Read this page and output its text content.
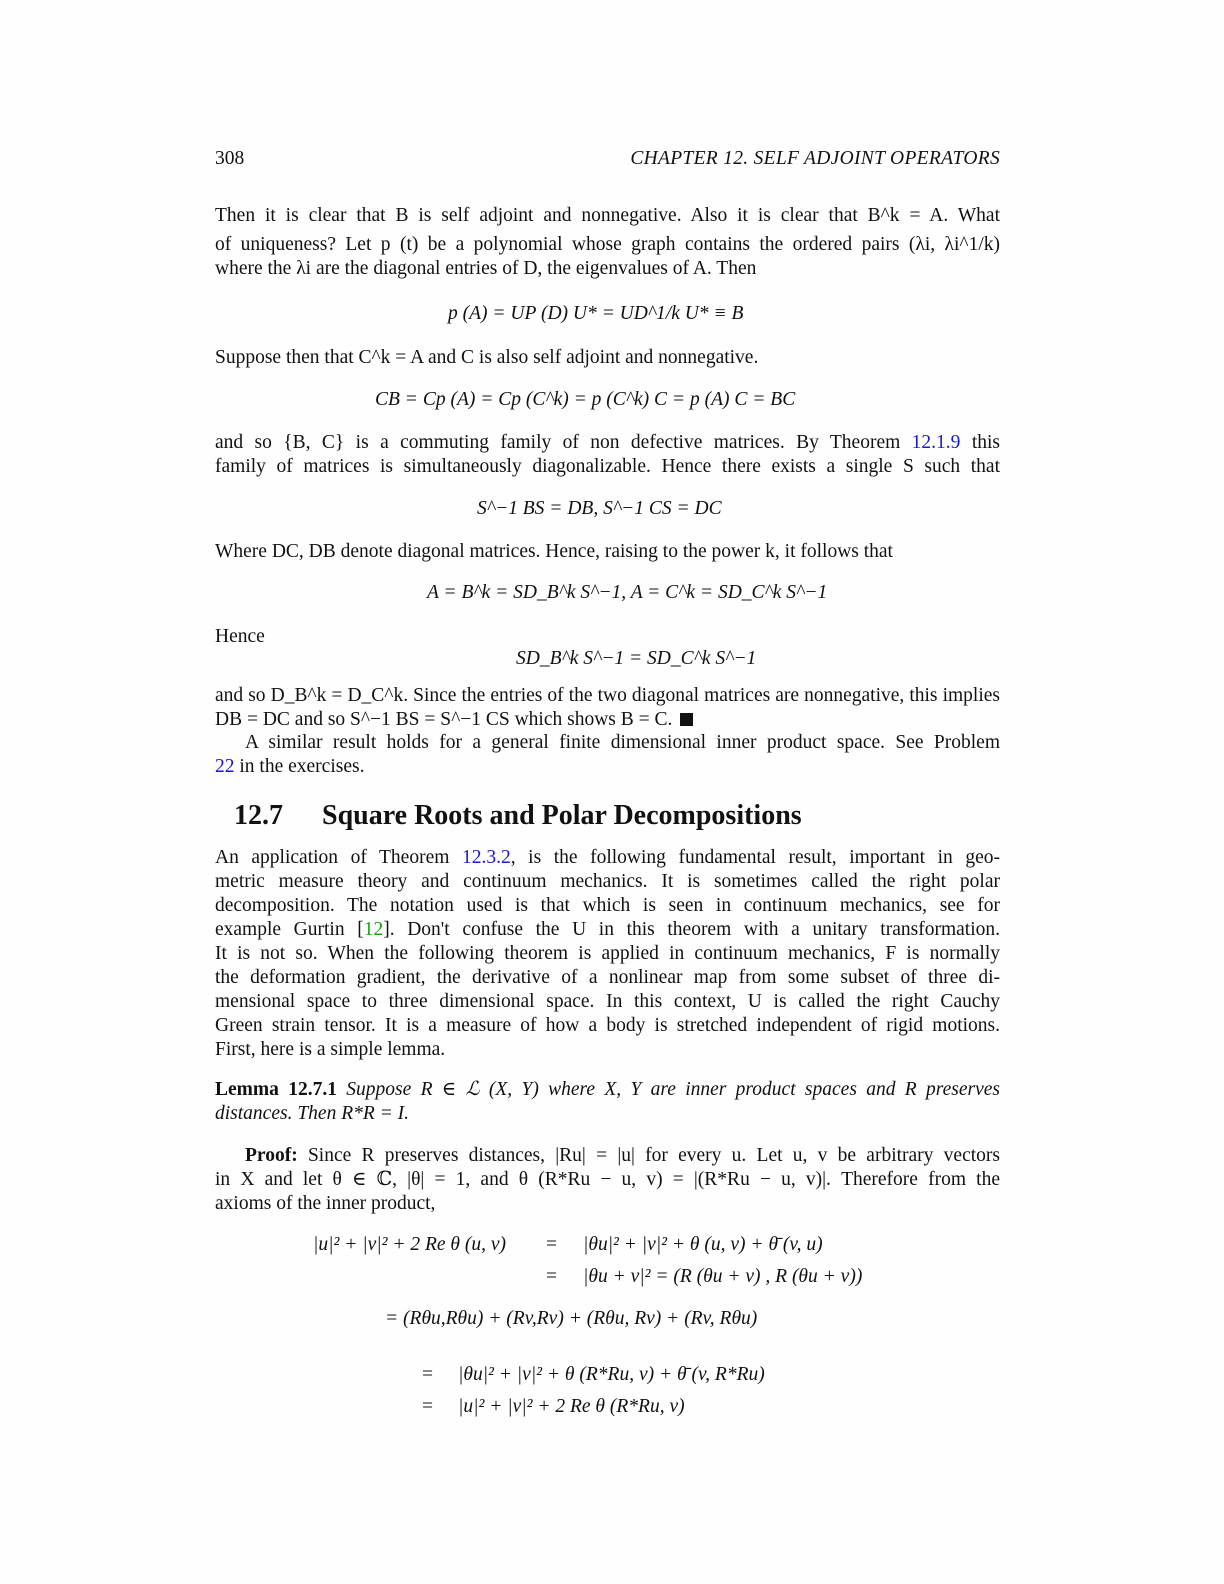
308	CHAPTER 12. SELF ADJOINT OPERATORS
Then it is clear that B is self adjoint and nonnegative. Also it is clear that B^k = A. What
of uniqueness? Let p (t) be a polynomial whose graph contains the ordered pairs (λi, λi^1/k)
where the λi are the diagonal entries of D, the eigenvalues of A. Then
p (A) = UP (D) U* = UD^1/k U* ≡ B
Suppose then that C^k = A and C is also self adjoint and nonnegative.
CB = Cp (A) = Cp (C^k) = p (C^k) C = p (A) C = BC
and so {B, C} is a commuting family of non defective matrices. By Theorem 12.1.9 this
family of matrices is simultaneously diagonalizable. Hence there exists a single S such that
S^−1 BS = DB, S^−1 CS = DC
Where DC, DB denote diagonal matrices. Hence, raising to the power k, it follows that
A = B^k = SD_B^k S^−1, A = C^k = SD_C^k S^−1
Hence
SD_B^k S^−1 = SD_C^k S^−1
and so D_B^k = D_C^k. Since the entries of the two diagonal matrices are nonnegative, this implies
DB = DC and so S^−1 BS = S^−1 CS which shows B = C.
A similar result holds for a general finite dimensional inner product space. See Problem
22 in the exercises.
12.7 Square Roots and Polar Decompositions
An application of Theorem 12.3.2, is the following fundamental result, important in geo-
metric measure theory and continuum mechanics. It is sometimes called the right polar
decomposition. The notation used is that which is seen in continuum mechanics, see for
example Gurtin [12]. Don't confuse the U in this theorem with a unitary transformation.
It is not so. When the following theorem is applied in continuum mechanics, F is normally
the deformation gradient, the derivative of a nonlinear map from some subset of three di-
mensional space to three dimensional space. In this context, U is called the right Cauchy
Green strain tensor. It is a measure of how a body is stretched independent of rigid motions.
First, here is a simple lemma.
Lemma 12.7.1 Suppose R ∈ ℒ (X, Y) where X, Y are inner product spaces and R preserves
distances. Then R*R = I.
Proof: Since R preserves distances, |Ru| = |u| for every u. Let u, v be arbitrary vectors
in X and let θ ∈ ℂ, |θ| = 1, and θ (R*Ru − u, v) = |(R*Ru − u, v)|. Therefore from the
axioms of the inner product,
|u|² + |v|² + 2 Re θ (u, v) = |θu|² + |v|² + θ (u, v) + θ̄ (v, u)
= |θu + v|² = (R (θu + v) , R (θu + v))
= (Rθu,Rθu) + (Rv,Rv) + (Rθu, Rv) + (Rv, Rθu)
= |θu|² + |v|² + θ (R*Ru, v) + θ̄ (v, R*Ru)
= |u|² + |v|² + 2 Re θ (R*Ru, v)
